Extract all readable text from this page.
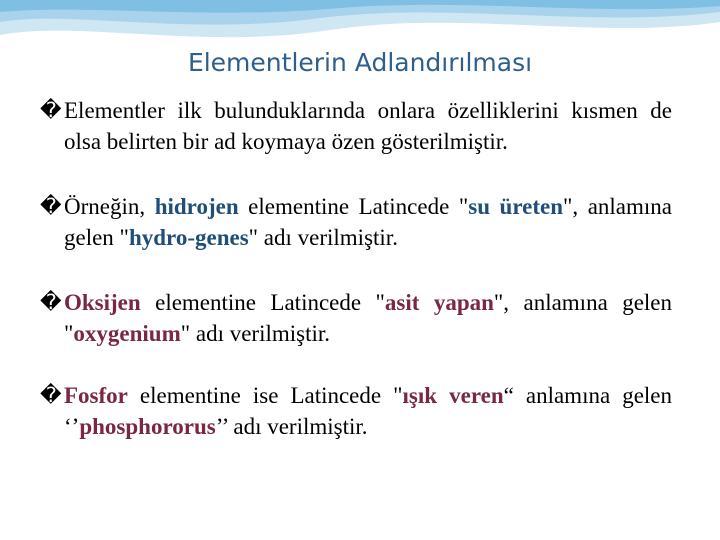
Elementlerin Adlandırılması

� Elementler ilk bulunduklarında onlara özelliklerini kısmen de olsa belirten bir ad koymaya özen gösterilmiştir.

� Örneğin, hidrojen elementine Latincede "su üreten", anlamına gelen "hydro-genes" adı verilmiştir.

� Oksijen elementine Latincede "asit yapan", anlamına gelen "oxygenium" adı verilmiştir.

� Fosfor elementine ise Latincede "ışık veren“ anlamına gelen ‘’phosphororus’’ adı verilmiştir.
